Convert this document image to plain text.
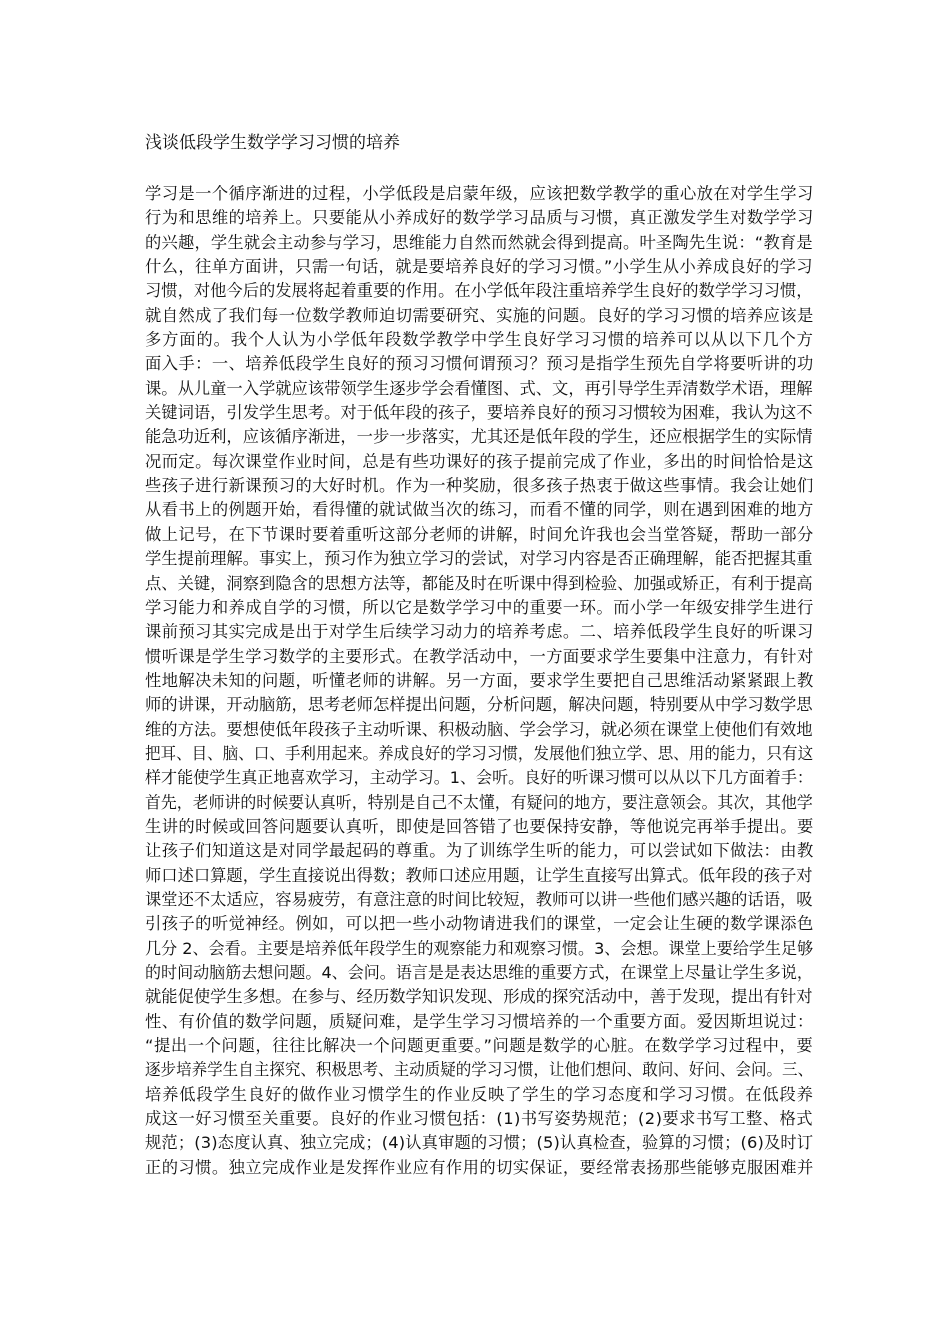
浅谈低段学生数学学习习惯的培养
学习是一个循序渐进的过程，小学低段是启蒙年级，应该把数学教学的重心放在对学生学习
行为和思维的培养上。只要能从小养成好的数学学习品质与习惯，真正激发学生对数学学习
的兴趣，学生就会主动参与学习，思维能力自然而然就会得到提高。叶圣陶先生说：“教育是
什么，往单方面讲，只需一句话，就是要培养良好的学习习惯。”小学生从小养成良好的学习
习惯，对他今后的发展将起着重要的作用。在小学低年段注重培养学生良好的数学学习习惯，
就自然成了我们每一位数学教师迫切需要研究、实施的问题。良好的学习习惯的培养应该是
多方面的。我个人认为小学低年段数学教学中学生良好学习习惯的培养可以从以下几个方
面入手：一、培养低段学生良好的预习习惯何谓预习？预习是指学生预先自学将要听讲的功
课。从儿童一入学就应该带领学生逐步学会看懂图、式、文，再引导学生弄清数学术语，理解
关键词语，引发学生思考。对于低年段的孩子，要培养良好的预习习惯较为困难，我认为这不
能急功近利，应该循序渐进，一步一步落实，尤其还是低年段的学生，还应根据学生的实际情
况而定。每次课堂作业时间，总是有些功课好的孩子提前完成了作业，多出的时间恰恰是这
些孩子进行新课预习的大好时机。作为一种奖励，很多孩子热衷于做这些事情。我会让她们
从看书上的例题开始，看得懂的就试做当次的练习，而看不懂的同学，则在遇到困难的地方
做上记号，在下节课时要着重听这部分老师的讲解，时间允许我也会当堂答疑，帮助一部分
学生提前理解。事实上，预习作为独立学习的尝试，对学习内容是否正确理解，能否把握其重
点、关键，洞察到隐含的思想方法等，都能及时在听课中得到检验、加强或矫正，有利于提高
学习能力和养成自学的习惯，所以它是数学学习中的重要一环。而小学一年级安排学生进行
课前预习其实完成是出于对学生后续学习动力的培养考虑。二、培养低段学生良好的听课习
惯听课是学生学习数学的主要形式。在教学活动中，一方面要求学生要集中注意力，有针对
性地解决未知的问题，听懂老师的讲解。另一方面，要求学生要把自己思维活动紧紧跟上教
师的讲课，开动脑筋，思考老师怎样提出问题，分析问题，解决问题，特别要从中学习数学思
维的方法。要想使低年段孩子主动听课、积极动脑、学会学习，就必须在课堂上使他们有效地
把耳、目、脑、口、手利用起来。养成良好的学习习惯，发展他们独立学、思、用的能力，只有这
样才能使学生真正地喜欢学习，主动学习。1、会听。良好的听课习惯可以从以下几方面着手：
首先，老师讲的时候要认真听，特别是自己不太懂，有疑问的地方，要注意领会。其次，其他学
生讲的时候或回答问题要认真听，即使是回答错了也要保持安静，等他说完再举手提出。要
让孩子们知道这是对同学最起码的尊重。为了训练学生听的能力，可以尝试如下做法：由教
师口述口算题，学生直接说出得数；教师口述应用题，让学生直接写出算式。低年段的孩子对
课堂还不太适应，容易疲劳，有意注意的时间比较短，教师可以讲一些他们感兴趣的话语，吸
引孩子的听觉神经。例如，可以把一些小动物请进我们的课堂，一定会让生硬的数学课添色
几分 2、会看。主要是培养低年段学生的观察能力和观察习惯。3、会想。课堂上要给学生足够
的时间动脑筋去想问题。4、会问。语言是是表达思维的重要方式，在课堂上尽量让学生多说，
就能促使学生多想。在参与、经历数学知识发现、形成的探究活动中，善于发现，提出有针对
性、有价值的数学问题，质疑问难，是学生学习习惯培养的一个重要方面。爱因斯坦说过：
“提出一个问题，往往比解决一个问题更重要。”问题是数学的心脏。在数学学习过程中，要
逐步培养学生自主探究、积极思考、主动质疑的学习习惯，让他们想问、敢问、好问、会问。三、
培养低段学生良好的做作业习惯学生的作业反映了学生的学习态度和学习习惯。在低段养
成这一好习惯至关重要。良好的作业习惯包括：(1)书写姿势规范；(2)要求书写工整、格式
规范；(3)态度认真、独立完成；(4)认真审题的习惯；(5)认真检查，验算的习惯；(6)及时订
正的习惯。独立完成作业是发挥作业应有作用的切实保证，要经常表扬那些能够克服困难并
